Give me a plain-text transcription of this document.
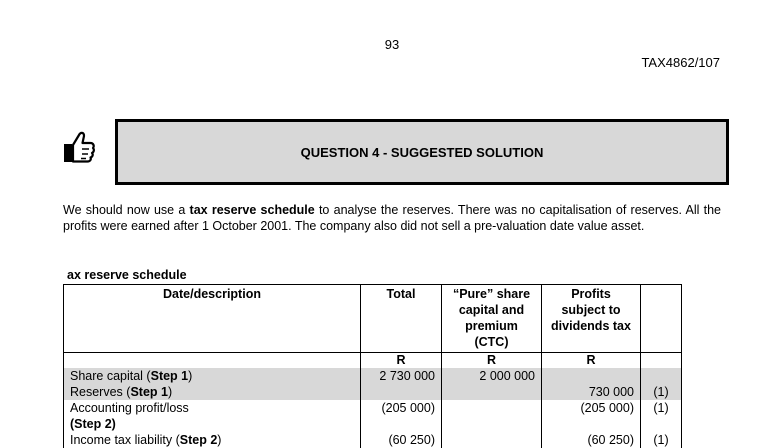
93
TAX4862/107
QUESTION 4 - SUGGESTED SOLUTION

We should now use a tax reserve schedule to analyse the reserves. There was no capitalisation of reserves. All the profits were earned after 1 October 2001. The company also did not sell a pre-valuation date value asset.

ax reserve schedule
Date/description	Total	“Pure” share capital and premium (CTC)	Profits subject to dividends tax	
	R	R	R	
Share capital (Step 1)	2 730 000	2 000 000		
Reserves (Step 1)			730 000	(1)
Accounting profit/loss
(Step 2)	(205 000)		(205 000)	(1)
Income tax liability (Step 2)	(60 250)		(60 250)	(1)
